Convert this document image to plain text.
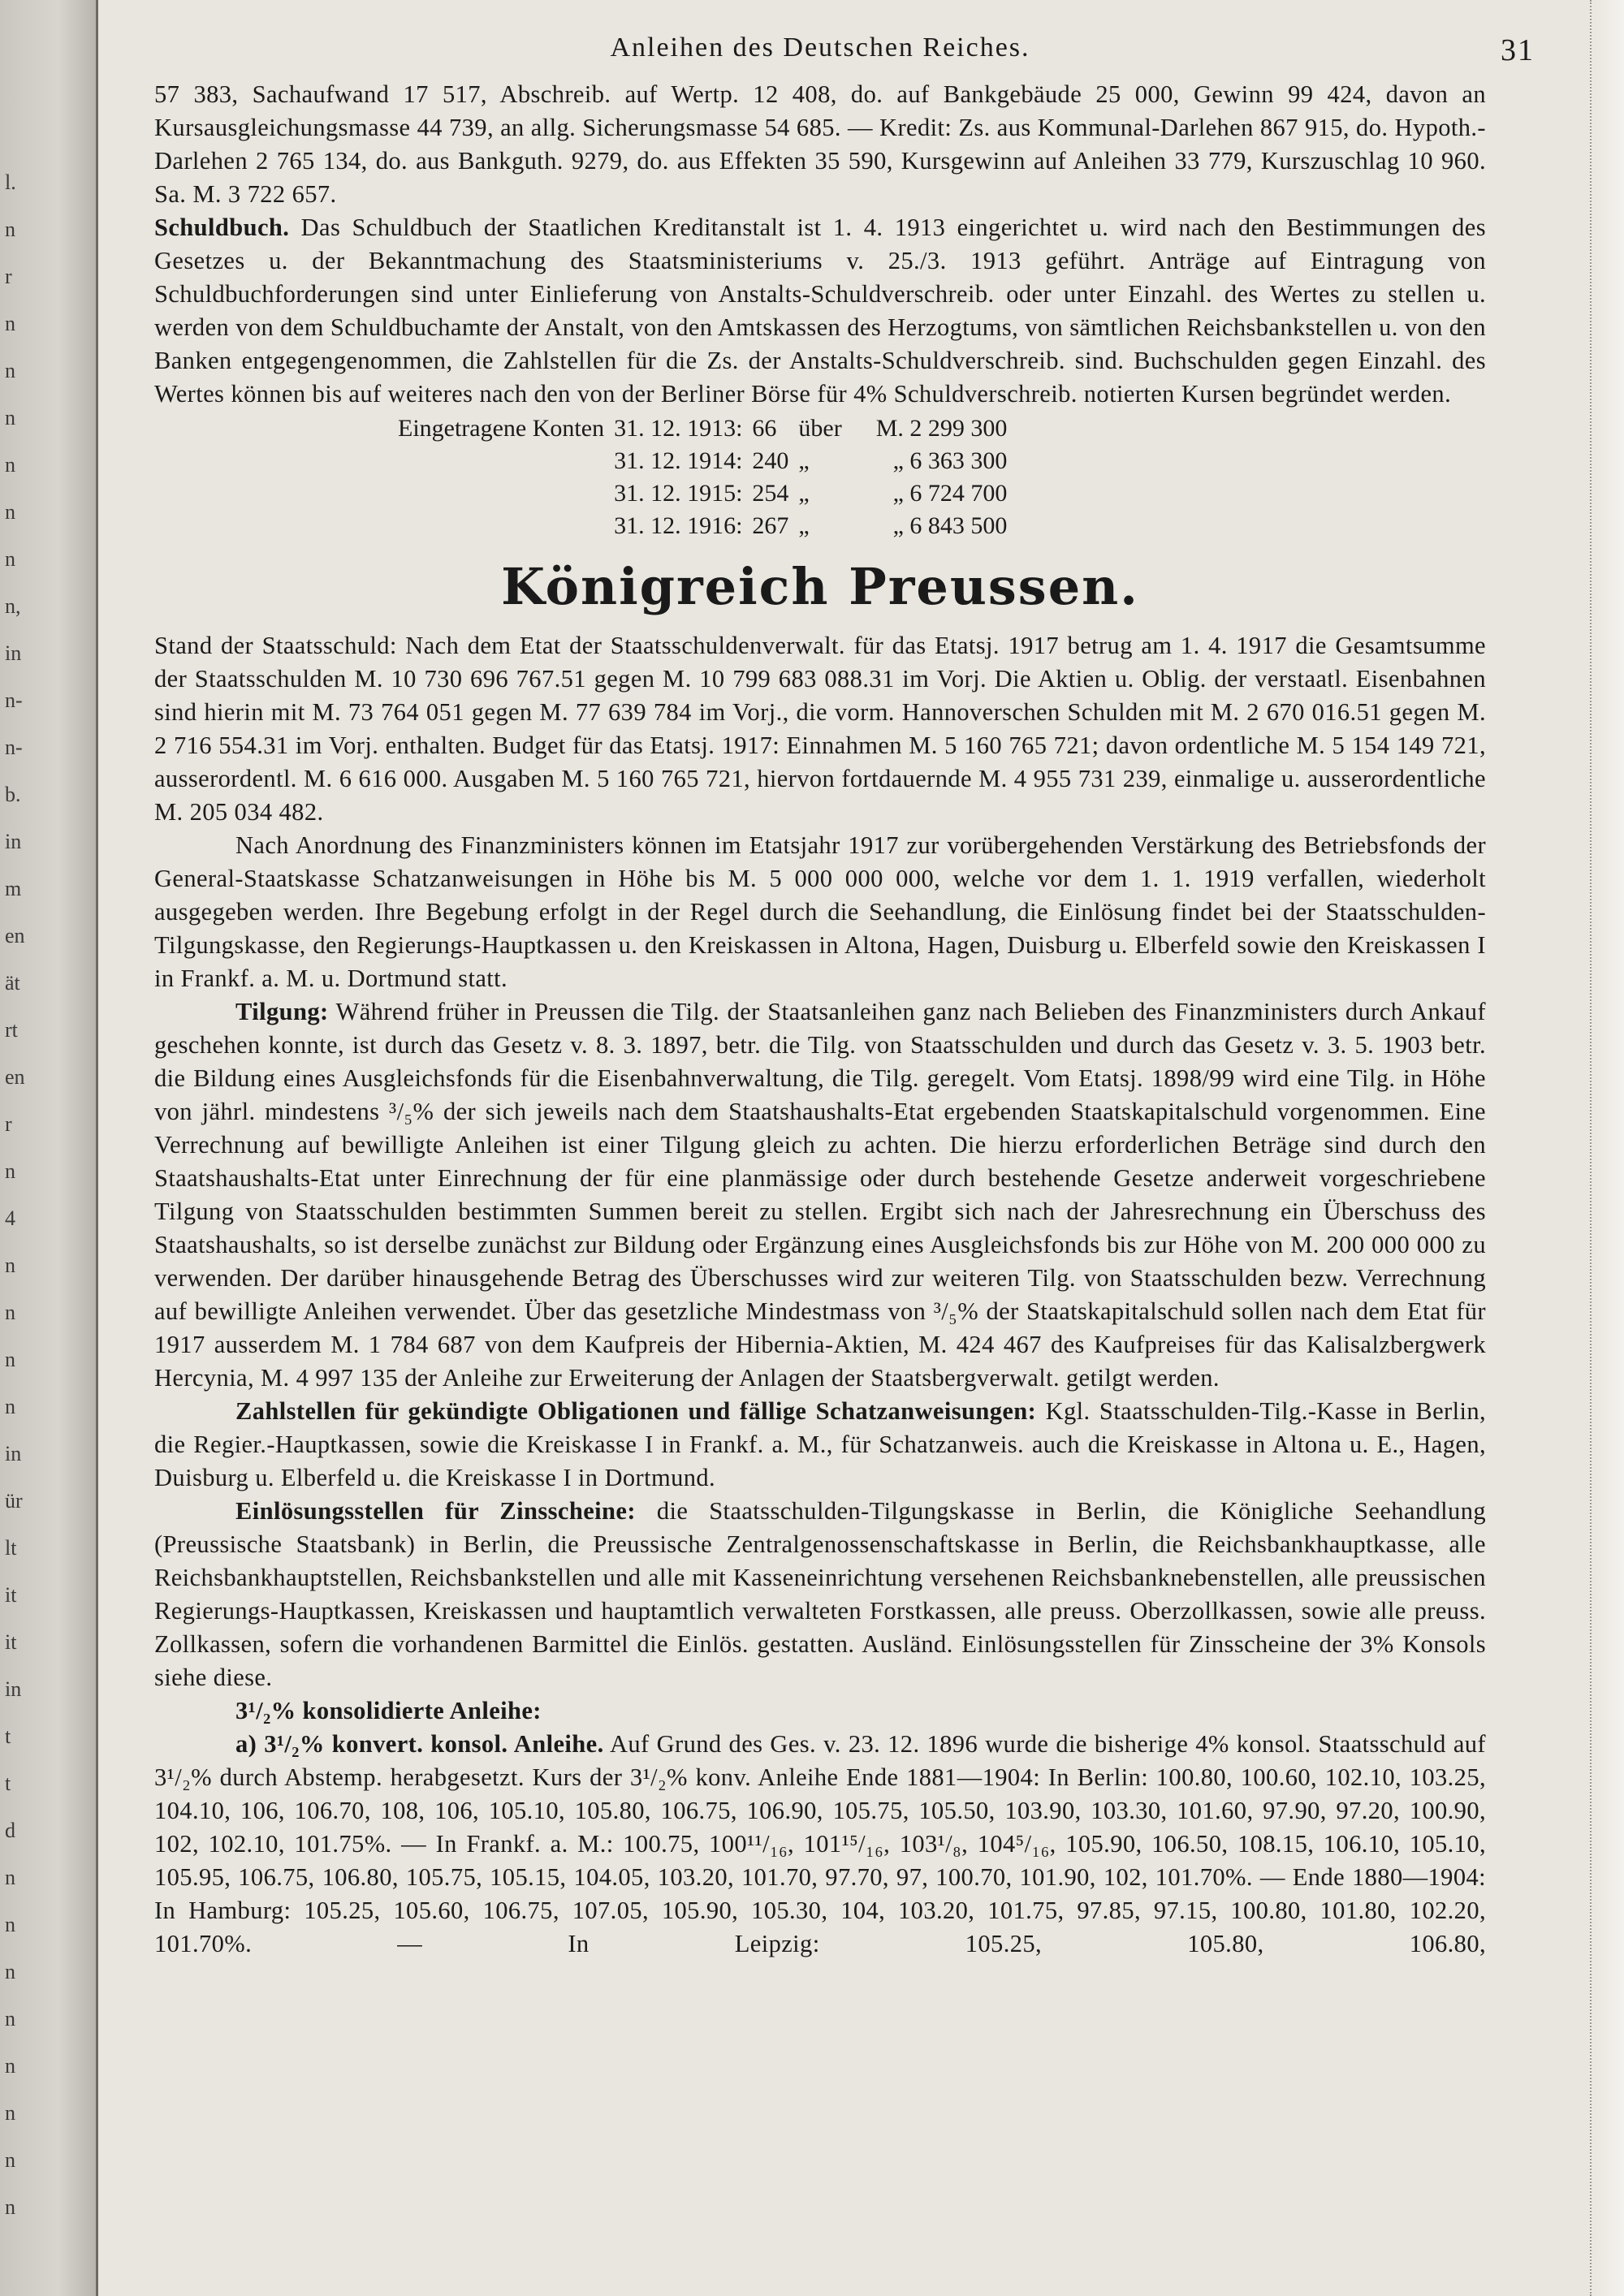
l.
n
r
n
n
n
n
n
n
n,
in
n-
n-
b.
in
m
en
ät
rt
en
r
n
4
n
n
n
n
in
ür
lt
it
it
in
t
t
d
n
n
n
n
n
n
n
n
Anleihen des Deutschen Reiches.	31

57 383, Sachaufwand 17 517, Abschreib. auf Wertp. 12 408, do. auf Bankgebäude 25 000, Gewinn 99 424, davon an Kursausgleichungsmasse 44 739, an allg. Sicherungsmasse 54 685. — Kredit: Zs. aus Kommunal-Darlehen 867 915, do. Hypoth.-Darlehen 2 765 134, do. aus Bankguth. 9279, do. aus Effekten 35 590, Kursgewinn auf Anleihen 33 779, Kurszuschlag 10 960. Sa. M. 3 722 657.

Schuldbuch. Das Schuldbuch der Staatlichen Kreditanstalt ist 1. 4. 1913 eingerichtet u. wird nach den Bestimmungen des Gesetzes u. der Bekanntmachung des Staatsministeriums v. 25./3. 1913 geführt. Anträge auf Eintragung von Schuldbuchforderungen sind unter Einlieferung von Anstalts-Schuldverschreib. oder unter Einzahl. des Wertes zu stellen u. werden von dem Schuldbuchamte der Anstalt, von den Amtskassen des Herzogtums, von sämtlichen Reichsbankstellen u. von den Banken entgegengenommen, die Zahlstellen für die Zs. der Anstalts-Schuldverschreib. sind. Buchschulden gegen Einzahl. des Wertes können bis auf weiteres nach den von der Berliner Börse für 4% Schuldverschreib. notierten Kursen begründet werden.

Eingetragene Konten	31. 12. 1913:	66	über	M. 2 299 300
	31. 12. 1914:	240	„	„ 6 363 300
	31. 12. 1915:	254	„	„ 6 724 700
	31. 12. 1916:	267	„	„ 6 843 500
Königreich Preussen.

Stand der Staatsschuld: Nach dem Etat der Staatsschuldenverwalt. für das Etatsj. 1917 betrug am 1. 4. 1917 die Gesamtsumme der Staatsschulden M. 10 730 696 767.51 gegen M. 10 799 683 088.31 im Vorj. Die Aktien u. Oblig. der verstaatl. Eisenbahnen sind hierin mit M. 73 764 051 gegen M. 77 639 784 im Vorj., die vorm. Hannoverschen Schulden mit M. 2 670 016.51 gegen M. 2 716 554.31 im Vorj. enthalten. Budget für das Etatsj. 1917: Einnahmen M. 5 160 765 721; davon ordentliche M. 5 154 149 721, ausserordentl. M. 6 616 000. Ausgaben M. 5 160 765 721, hiervon fortdauernde M. 4 955 731 239, einmalige u. ausserordentliche M. 205 034 482.

Nach Anordnung des Finanzministers können im Etatsjahr 1917 zur vorübergehenden Verstärkung des Betriebsfonds der General-Staatskasse Schatzanweisungen in Höhe bis M. 5 000 000 000, welche vor dem 1. 1. 1919 verfallen, wiederholt ausgegeben werden. Ihre Begebung erfolgt in der Regel durch die Seehandlung, die Einlösung findet bei der Staatsschulden-Tilgungskasse, den Regierungs-Hauptkassen u. den Kreiskassen in Altona, Hagen, Duisburg u. Elberfeld sowie den Kreiskassen I in Frankf. a. M. u. Dortmund statt.

Tilgung: Während früher in Preussen die Tilg. der Staatsanleihen ganz nach Belieben des Finanzministers durch Ankauf geschehen konnte, ist durch das Gesetz v. 8. 3. 1897, betr. die Tilg. von Staatsschulden und durch das Gesetz v. 3. 5. 1903 betr. die Bildung eines Ausgleichsfonds für die Eisenbahnverwaltung, die Tilg. geregelt. Vom Etatsj. 1898/99 wird eine Tilg. in Höhe von jährl. mindestens ³/₅% der sich jeweils nach dem Staatshaushalts-Etat ergebenden Staatskapitalschuld vorgenommen. Eine Verrechnung auf bewilligte Anleihen ist einer Tilgung gleich zu achten. Die hierzu erforderlichen Beträge sind durch den Staatshaushalts-Etat unter Einrechnung der für eine planmässige oder durch bestehende Gesetze anderweit vorgeschriebene Tilgung von Staatsschulden bestimmten Summen bereit zu stellen. Ergibt sich nach der Jahresrechnung ein Überschuss des Staatshaushalts, so ist derselbe zunächst zur Bildung oder Ergänzung eines Ausgleichsfonds bis zur Höhe von M. 200 000 000 zu verwenden. Der darüber hinausgehende Betrag des Überschusses wird zur weiteren Tilg. von Staatsschulden bezw. Verrechnung auf bewilligte Anleihen verwendet. Über das gesetzliche Mindestmass von ³/₅% der Staatskapitalschuld sollen nach dem Etat für 1917 ausserdem M. 1 784 687 von dem Kaufpreis der Hibernia-Aktien, M. 424 467 des Kaufpreises für das Kalisalzbergwerk Hercynia, M. 4 997 135 der Anleihe zur Erweiterung der Anlagen der Staatsbergverwalt. getilgt werden.

Zahlstellen für gekündigte Obligationen und fällige Schatzanweisungen: Kgl. Staatsschulden-Tilg.-Kasse in Berlin, die Regier.-Hauptkassen, sowie die Kreiskasse I in Frankf. a. M., für Schatzanweis. auch die Kreiskasse in Altona u. E., Hagen, Duisburg u. Elberfeld u. die Kreiskasse I in Dortmund.

Einlösungsstellen für Zinsscheine: die Staatsschulden-Tilgungskasse in Berlin, die Königliche Seehandlung (Preussische Staatsbank) in Berlin, die Preussische Zentralgenossenschaftskasse in Berlin, die Reichsbankhauptkasse, alle Reichsbankhauptstellen, Reichsbankstellen und alle mit Kasseneinrichtung versehenen Reichsbanknebenstellen, alle preussischen Regierungs-Hauptkassen, Kreiskassen und hauptamtlich verwalteten Forstkassen, alle preuss. Oberzollkassen, sowie alle preuss. Zollkassen, sofern die vorhandenen Barmittel die Einlös. gestatten. Ausländ. Einlösungsstellen für Zinsscheine der 3% Konsols siehe diese.

3¹/₂% konsolidierte Anleihe:

a) 3¹/₂% konvert. konsol. Anleihe. Auf Grund des Ges. v. 23. 12. 1896 wurde die bisherige 4% konsol. Staatsschuld auf 3¹/₂% durch Abstemp. herabgesetzt. Kurs der 3¹/₂% konv. Anleihe Ende 1881—1904: In Berlin: 100.80, 100.60, 102.10, 103.25, 104.10, 106, 106.70, 108, 106, 105.10, 105.80, 106.75, 106.90, 105.75, 105.50, 103.90, 103.30, 101.60, 97.90, 97.20, 100.90, 102, 102.10, 101.75%. — In Frankf. a. M.: 100.75, 100¹¹/₁₆, 101¹⁵/₁₆, 103¹/₈, 104⁵/₁₆, 105.90, 106.50, 108.15, 106.10, 105.10, 105.95, 106.75, 106.80, 105.75, 105.15, 104.05, 103.20, 101.70, 97.70, 97, 100.70, 101.90, 102, 101.70%. — Ende 1880—1904: In Hamburg: 105.25, 105.60, 106.75, 107.05, 105.90, 105.30, 104, 103.20, 101.75, 97.85, 97.15, 100.80, 101.80, 102.20, 101.70%. — In Leipzig: 105.25, 105.80, 106.80,
